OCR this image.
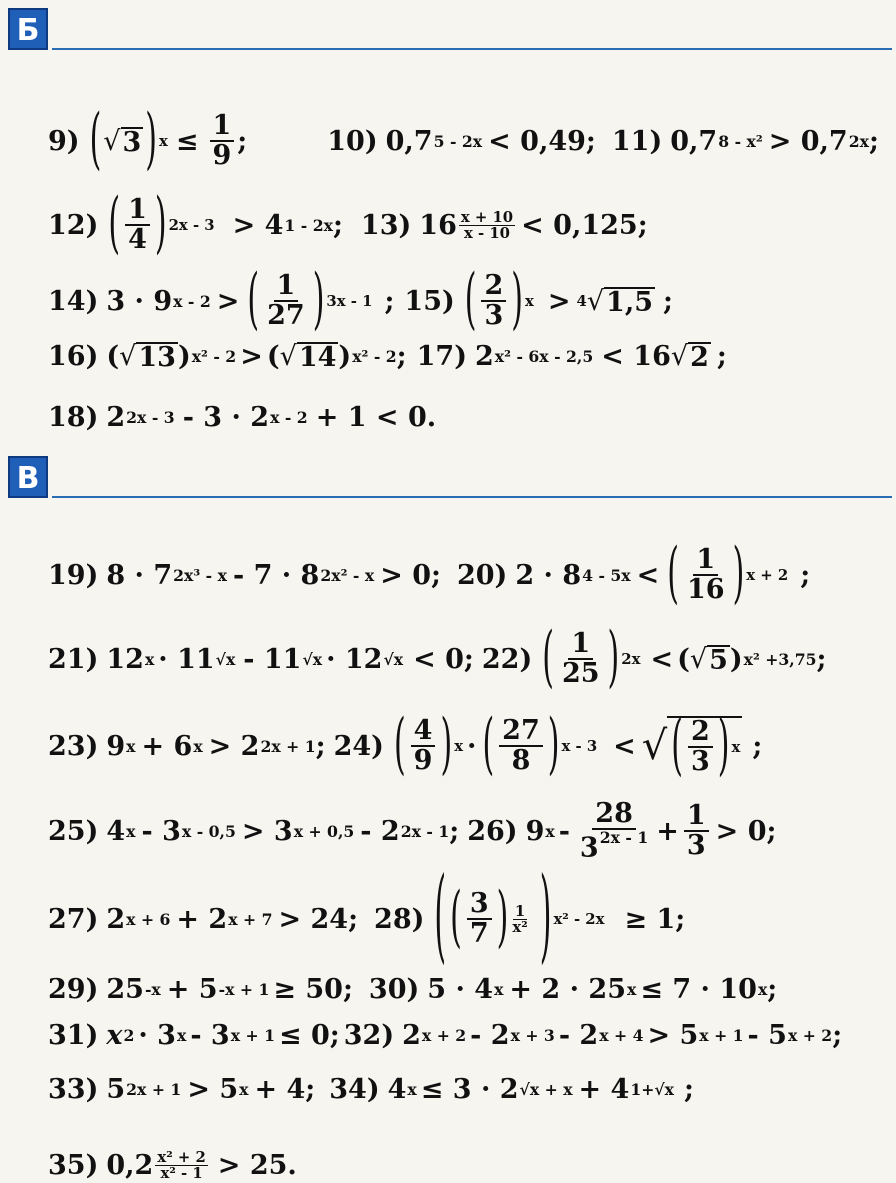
Б
9) ( √ 3 ) $x \le \frac{1}{9}$ ;	10) 0,7 5 - 2x < 0,49; 11) 0,7 8 - x² > 0,7 2x ;
12) ( $\frac{1}{4}$ ) 2x - 3 > 4 1 - 2x ; 13) 16 x + 10
x - 10 < 0,125;
14) 3 · 9 x - 2 > ( $\frac{1}{27}$ ) 3x - 1 ; 15) ( $\frac{2}{3}$ ) x > 4 √ 1,5 ;
16) ( √ 13 ) x² - 2 > ( √ 14 ) x² - 2 ; 17) 2 x² - 6x - 2,5 < 16 √ 2 ;
18) 2 2x - 3 - 3 · 2 x - 2 + 1 < 0.
В
19) 8 · 7 2x³ - x - 7 · 8 2x² - x > 0; 20) 2 · 8 4 - 5x < ( $\frac{1}{16}$ ) x + 2 ;
21) 12 x · 11 √x - 11 √x · 12 √x < 0; 22) ( $\frac{1}{25}$ ) 2x < ( √ 5 ) x² +3,75 ;
23) 9 x + 6 x > 2 2x + 1 ; 24) ( $\frac{4}{9}$ ) x · ( $\frac{27}{8}$ ) x - 3 < √ ( $\frac{2}{3}$ ) x ;
25) 4 x - 3 x - 0,5 > 3 x + 0,5 - 2 2x - 1 ; 26) 9 $x - \frac{28}{3^{2x - 1}} + \frac{1}{3} > 0$;
27) 2 x + 6 + 2 x + 7 > 24; 28) ( ( $\frac{3}{7}$ ) 1
x² ) x² - 2x ≥ 1;
29) 25 -x + 5 -x + 1 ≥ 50; 30) 5 · 4 x + 2 · 25 x ≤ 7 · 10 x ;
31) x 2 · 3 x - 3 x + 1 ≤ 0; 32) 2 x + 2 - 2 x + 3 - 2 x + 4 > 5 x + 1 - 5 x + 2 ;
33) 5 2x + 1 > 5 x + 4; 34) 4 x ≤ 3 · 2 √x + x + 4 1+√x ;
35) 0,2 x² + 2
x² - 1 > 25.
